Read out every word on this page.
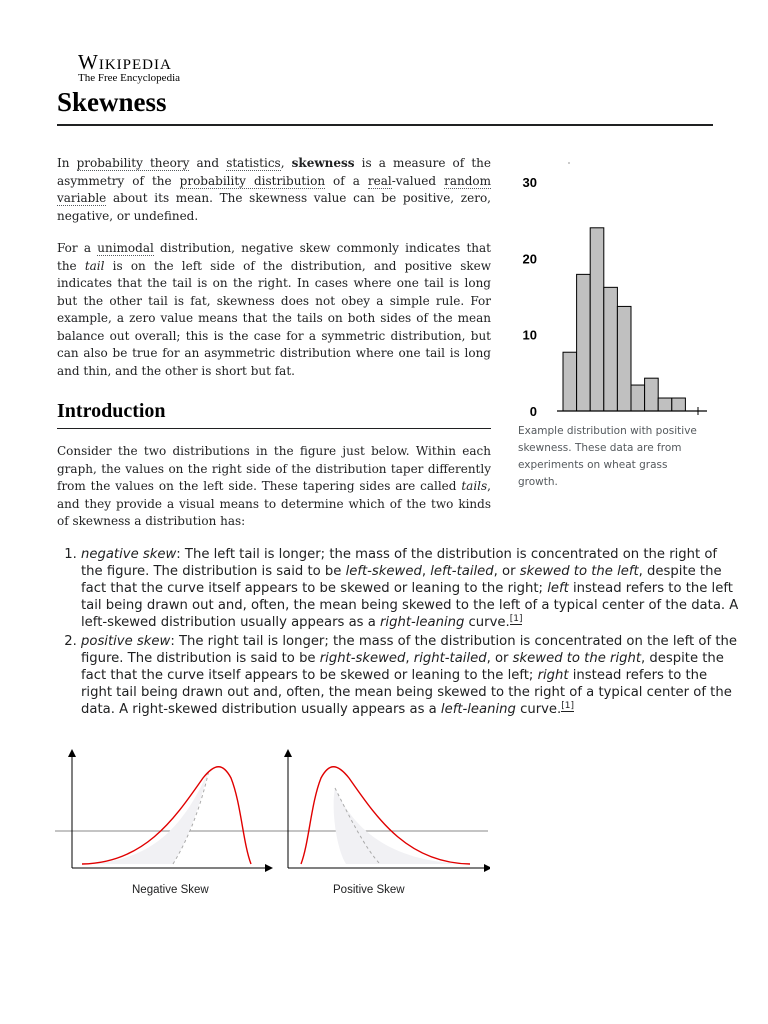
Wikipedia
The Free Encyclopedia
Skewness

In probability theory and statistics, skewness is a measure of the asymmetry of the probability distribution of a real-valued random variable about its mean. The skewness value can be positive, zero, negative, or undefined.

For a unimodal distribution, negative skew commonly indicates that the tail is on the left side of the distribution, and positive skew indicates that the tail is on the right. In cases where one tail is long but the other tail is fat, skewness does not obey a simple rule. For example, a zero value means that the tails on both sides of the mean balance out overall; this is the case for a symmetric distribution, but can also be true for an asymmetric distribution where one tail is long and thin, and the other is short but fat.

Introduction

Consider the two distributions in the figure just below. Within each graph, the values on the right side of the distribution taper differently from the values on the left side. These tapering sides are called tails, and they provide a visual means to determine which of the two kinds of skewness a distribution has:

0
10
20
30

Example distribution with positive skewness. These data are from experiments on wheat grass growth.

1. negative skew: The left tail is longer; the mass of the distribution is concentrated on the right of the figure. The distribution is said to be left-skewed, left-tailed, or skewed to the left, despite the fact that the curve itself appears to be skewed or leaning to the right; left instead refers to the left tail being drawn out and, often, the mean being skewed to the left of a typical center of the data. A left-skewed distribution usually appears as a right-leaning curve.[1]
2. positive skew: The right tail is longer; the mass of the distribution is concentrated on the left of the figure. The distribution is said to be right-skewed, right-tailed, or skewed to the right, despite the fact that the curve itself appears to be skewed or leaning to the left; right instead refers to the right tail being drawn out and, often, the mean being skewed to the right of a typical center of the data. A right-skewed distribution usually appears as a left-leaning curve.[1]
Negative Skew	Positive Skew
